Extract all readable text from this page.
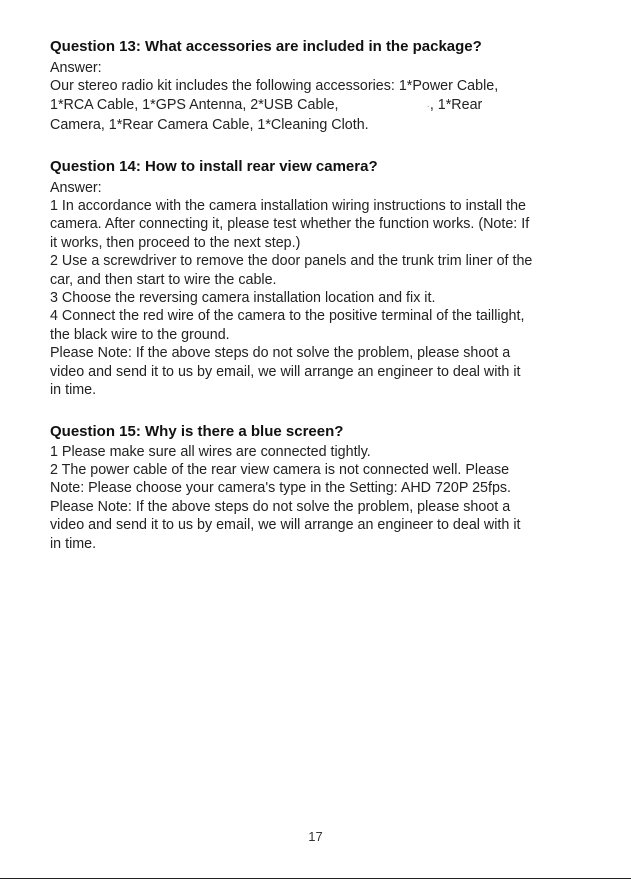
Question 13: What accessories are included in the package?

Answer:

Our stereo radio kit includes the following accessories: 1*Power Cable,

1*RCA Cable, 1*GPS Antenna, 2*USB Cable,	·, 1*Rear

Camera, 1*Rear Camera Cable, 1*Cleaning Cloth.

Question 14: How to install rear view camera?

Answer:

1 In accordance with the camera installation wiring instructions to install the

camera. After connecting it, please test whether the function works. (Note: If

it works, then proceed to the next step.)

2 Use a screwdriver to remove the door panels and the trunk trim liner of the

car, and then start to wire the cable.

3 Choose the reversing camera installation location and fix it.

4 Connect the red wire of the camera to the positive terminal of the taillight,

the black wire to the ground.

Please Note: If the above steps do not solve the problem, please shoot a

video and send it to us by email, we will arrange an engineer to deal with it

in time.

Question 15: Why is there a blue screen?

1 Please make sure all wires are connected tightly.

2 The power cable of the rear view camera is not connected well. Please

Note: Please choose your camera's type in the Setting: AHD 720P 25fps.

Please Note: If the above steps do not solve the problem, please shoot a

video and send it to us by email, we will arrange an engineer to deal with it

in time.

17
